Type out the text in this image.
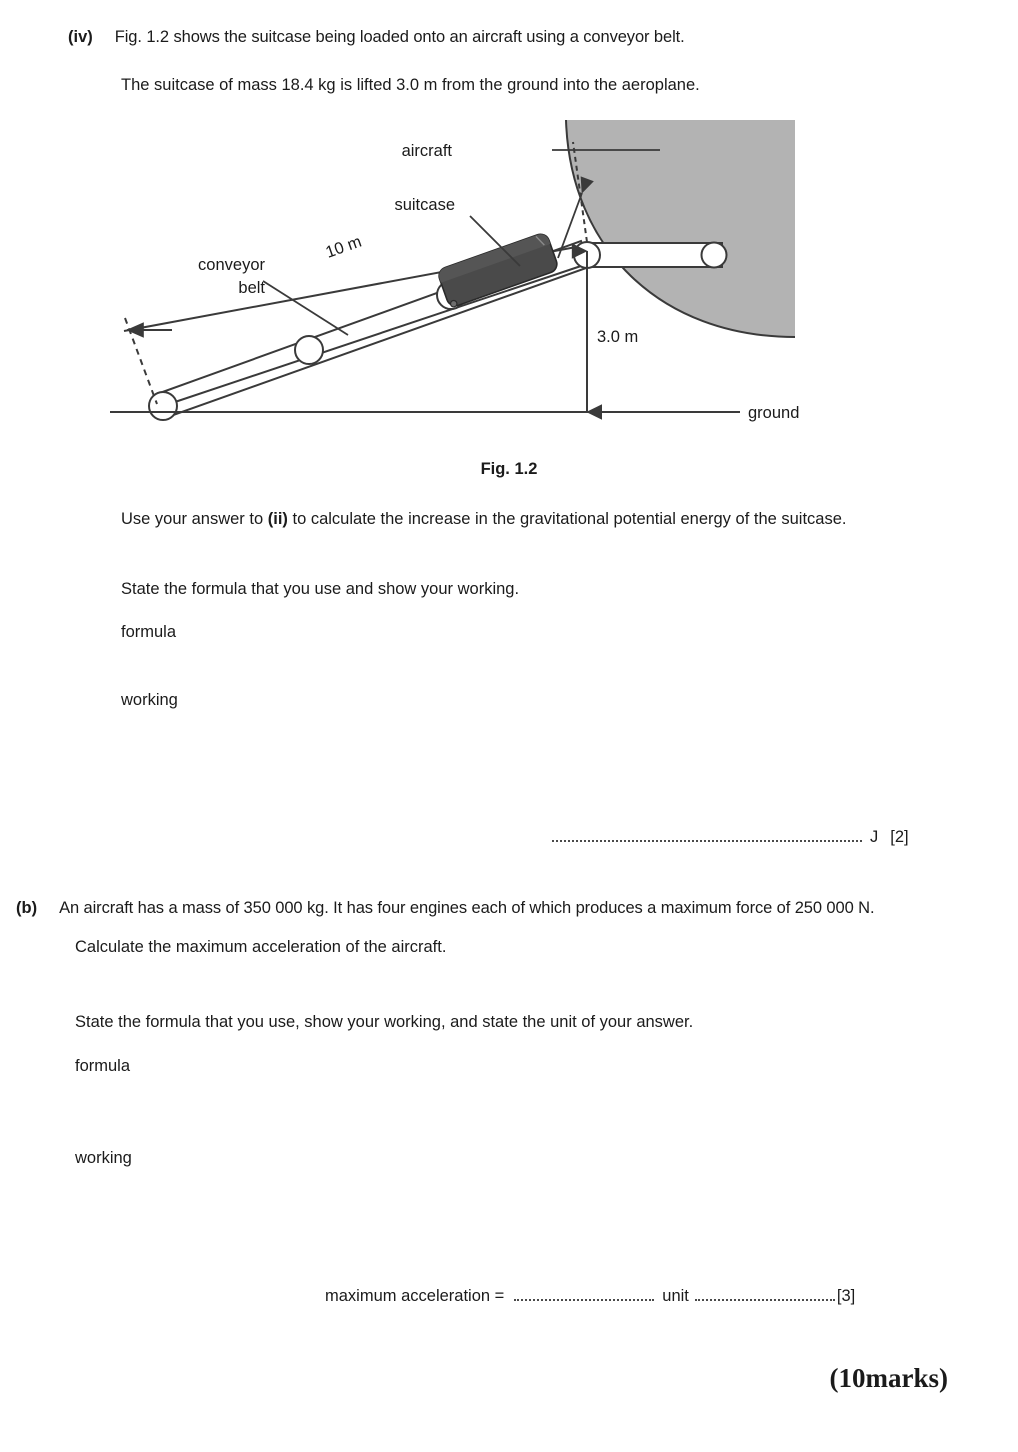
(iv) Fig. 1.2 shows the suitcase being loaded onto an aircraft using a conveyor belt.
The suitcase of mass 18.4 kg is lifted 3.0 m from the ground into the aeroplane.
aircraft
suitcase
conveyor
belt
10 m
3.0 m
ground
Fig. 1.2
Use your answer to (ii) to calculate the increase in the gravitational potential energy of the suitcase.
State the formula that you use and show your working.
formula
working
J [2]
(b) An aircraft has a mass of 350 000 kg. It has four engines each of which produces a maximum force of 250 000 N.
Calculate the maximum acceleration of the aircraft.
State the formula that you use, show your working, and state the unit of your answer.
formula
working
maximum acceleration =	unit	[3]
(10marks)
